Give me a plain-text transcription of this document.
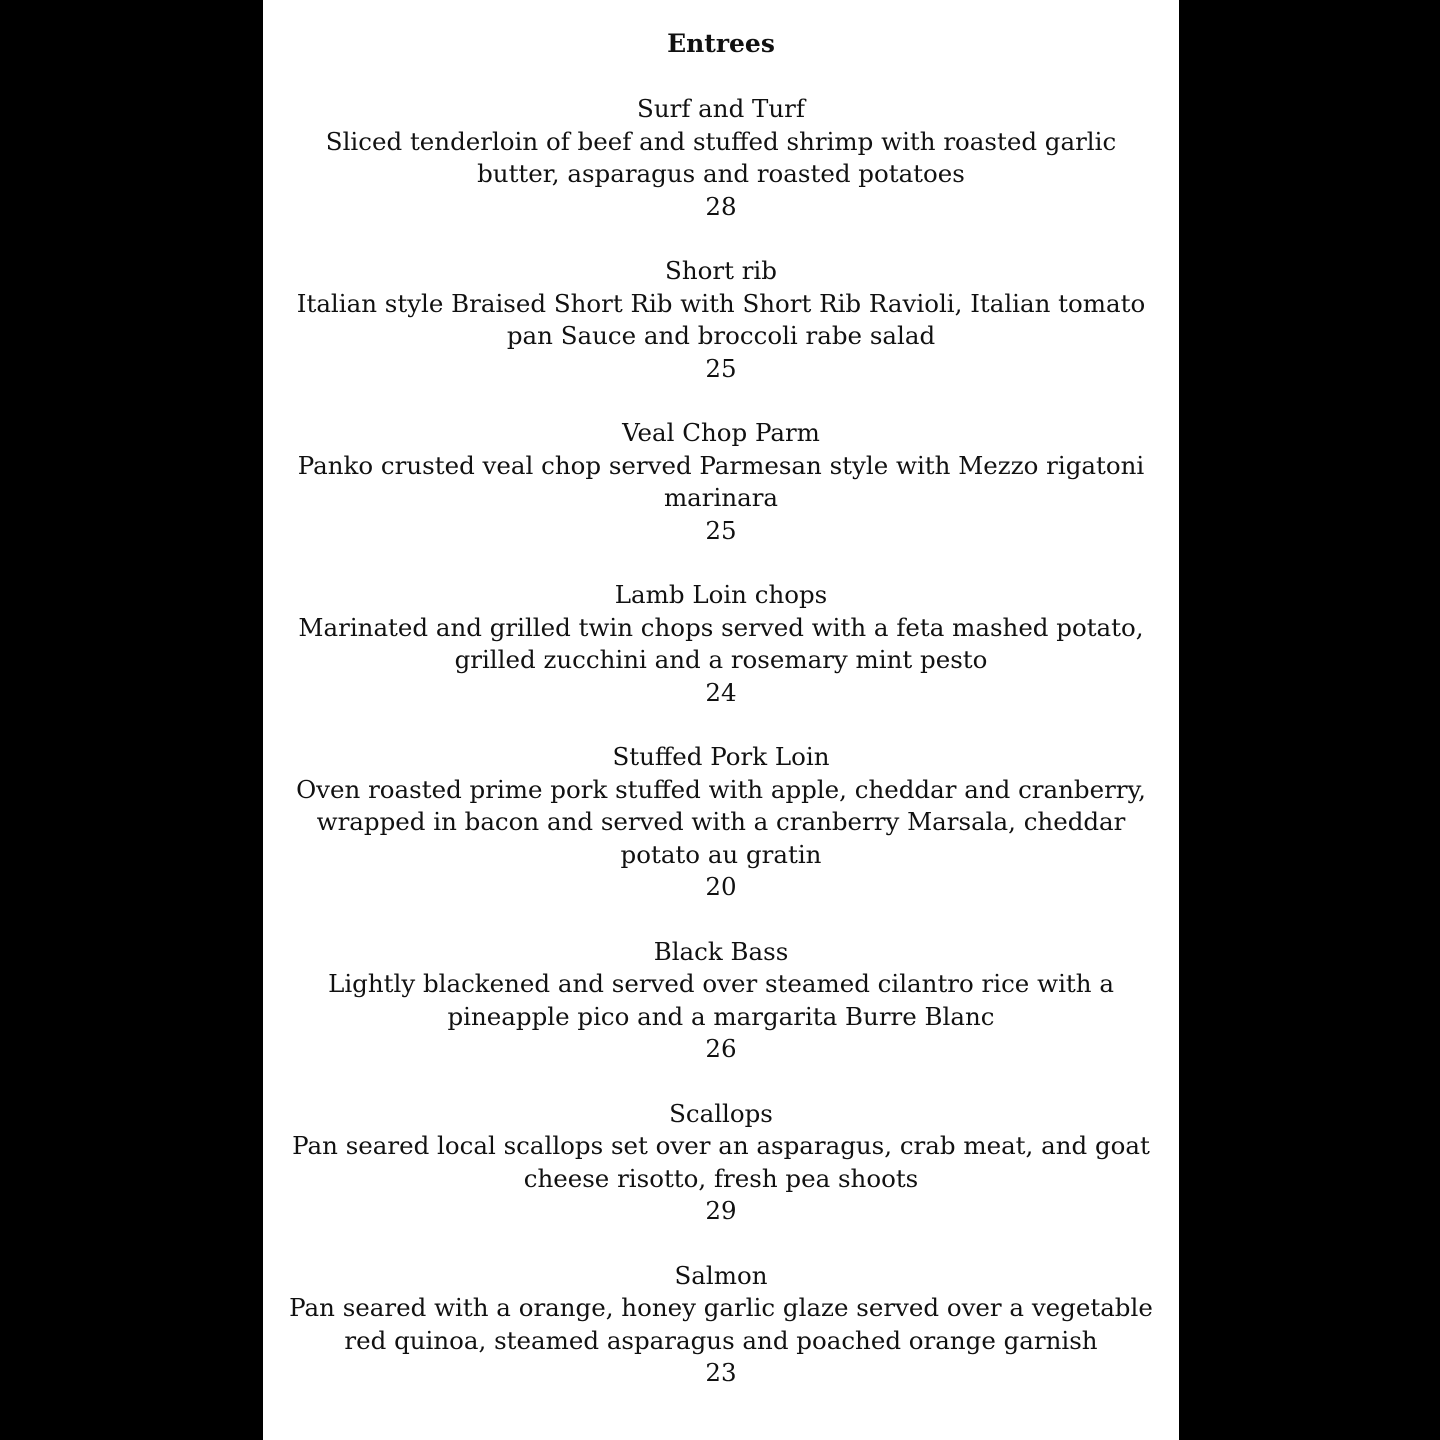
Entrees
Surf and Turf
Sliced tenderloin of beef and stuffed shrimp with roasted garlic butter, asparagus and roasted potatoes
28
Short rib
Italian style Braised Short Rib with Short Rib Ravioli, Italian tomato pan Sauce and broccoli rabe salad
25
Veal Chop Parm
Panko crusted veal chop served Parmesan style with Mezzo rigatoni marinara
25
Lamb Loin chops
Marinated and grilled twin chops served with a feta mashed potato, grilled zucchini and a rosemary mint pesto
24
Stuffed Pork Loin
Oven roasted prime pork stuffed with apple, cheddar and cranberry, wrapped in bacon and served with a cranberry Marsala, cheddar potato au gratin
20
Black Bass
Lightly blackened and served over steamed cilantro rice with a pineapple pico and a margarita Burre Blanc
26
Scallops
Pan seared local scallops set over an asparagus, crab meat, and goat cheese risotto, fresh pea shoots
29
Salmon
Pan seared with a orange, honey garlic glaze served over a vegetable red quinoa, steamed asparagus and poached orange garnish
23
